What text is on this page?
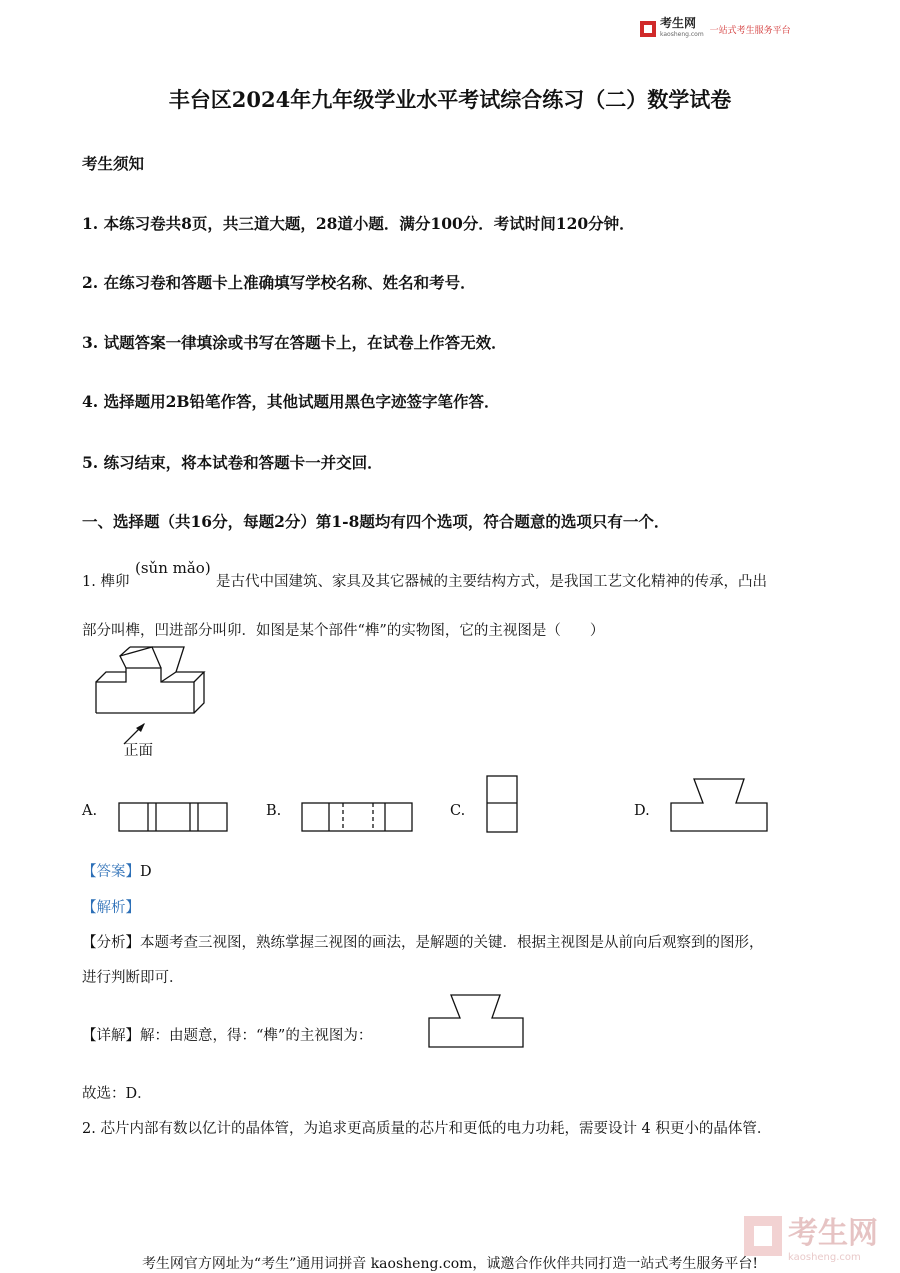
考生网
kaosheng.com 一站式考生服务平台
丰台区2024年九年级学业水平考试综合练习（二）数学试卷
考生须知
1. 本练习卷共8页，共三道大题，28道小题．满分100分．考试时间120分钟．
2. 在练习卷和答题卡上准确填写学校名称、姓名和考号．
3. 试题答案一律填涂或书写在答题卡上，在试卷上作答无效．
4. 选择题用2B铅笔作答，其他试题用黑色字迹签字笔作答．
5. 练习结束，将本试卷和答题卡一并交回．
一、选择题（共16分，每题2分）第1-8题均有四个选项，符合题意的选项只有一个．
1. 榫卯
(sǔn mǎo)
是古代中国建筑、家具及其它器械的主要结构方式，是我国工艺文化精神的传承，凸出
部分叫榫，凹进部分叫卯．如图是某个部件“榫”的实物图，它的主视图是（　　）
正面
A.	B.	C.	D.
【答案】D
【解析】
【分析】本题考查三视图，熟练掌握三视图的画法，是解题的关键．根据主视图是从前向后观察到的图形，
进行判断即可．
【详解】解：由题意，得：“榫”的主视图为：
故选：D．
2. 芯片内部有数以亿计的晶体管，为追求更高质量的芯片和更低的电力功耗，需要设计 4 积更小的晶体管．
考生网
kaosheng.com
考生网官方网址为“考生”通用词拼音 kaosheng.com，诚邀合作伙伴共同打造一站式考生服务平台!
